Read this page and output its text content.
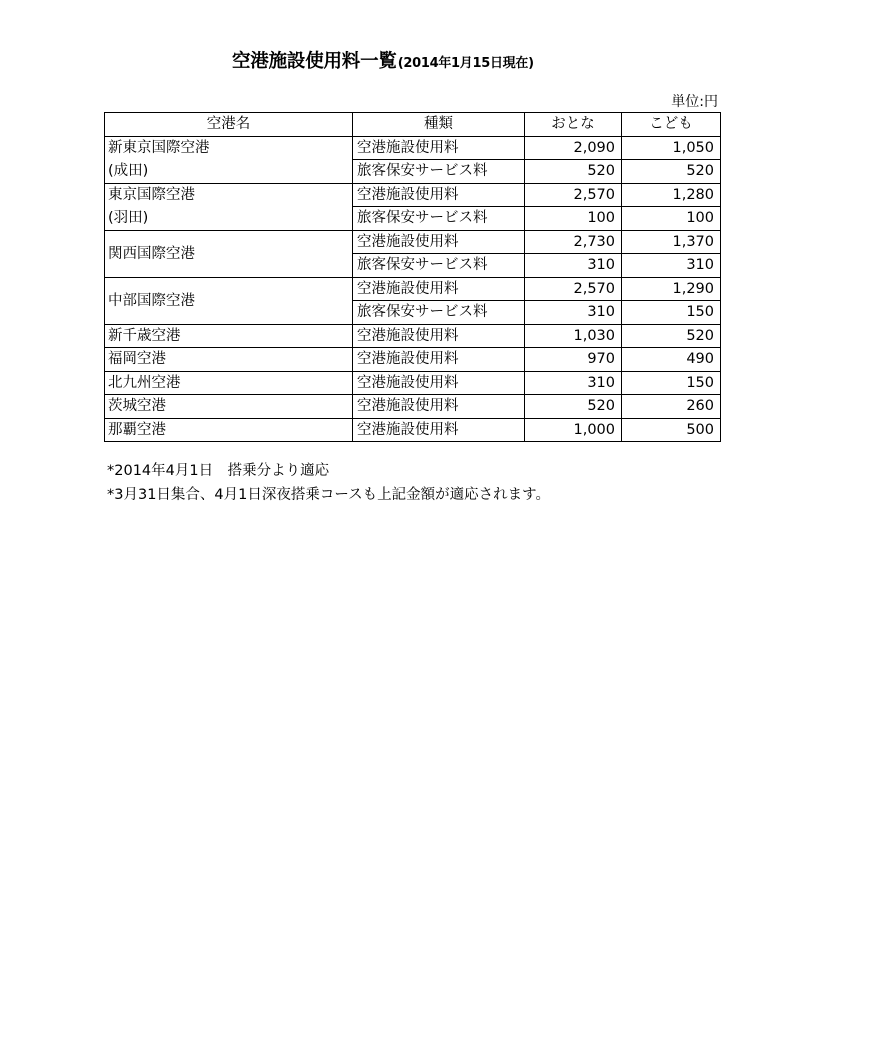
空港施設使用料一覧(2014年1月15日現在)
単位:円
空港名	種類	おとな	こども
新東京国際空港	空港施設使用料	2,090	1,050
(成田)	旅客保安サービス料	520	520
東京国際空港	空港施設使用料	2,570	1,280
(羽田)	旅客保安サービス料	100	100
関西国際空港	空港施設使用料	2,730	1,370
	旅客保安サービス料	310	310
中部国際空港	空港施設使用料	2,570	1,290
	旅客保安サービス料	310	150
新千歳空港	空港施設使用料	1,030	520
福岡空港	空港施設使用料	970	490
北九州空港	空港施設使用料	310	150
茨城空港	空港施設使用料	520	260
那覇空港	空港施設使用料	1,000	500
*2014年4月1日　搭乗分より適応
*3月31日集合、4月1日深夜搭乗コースも上記金額が適応されます。
